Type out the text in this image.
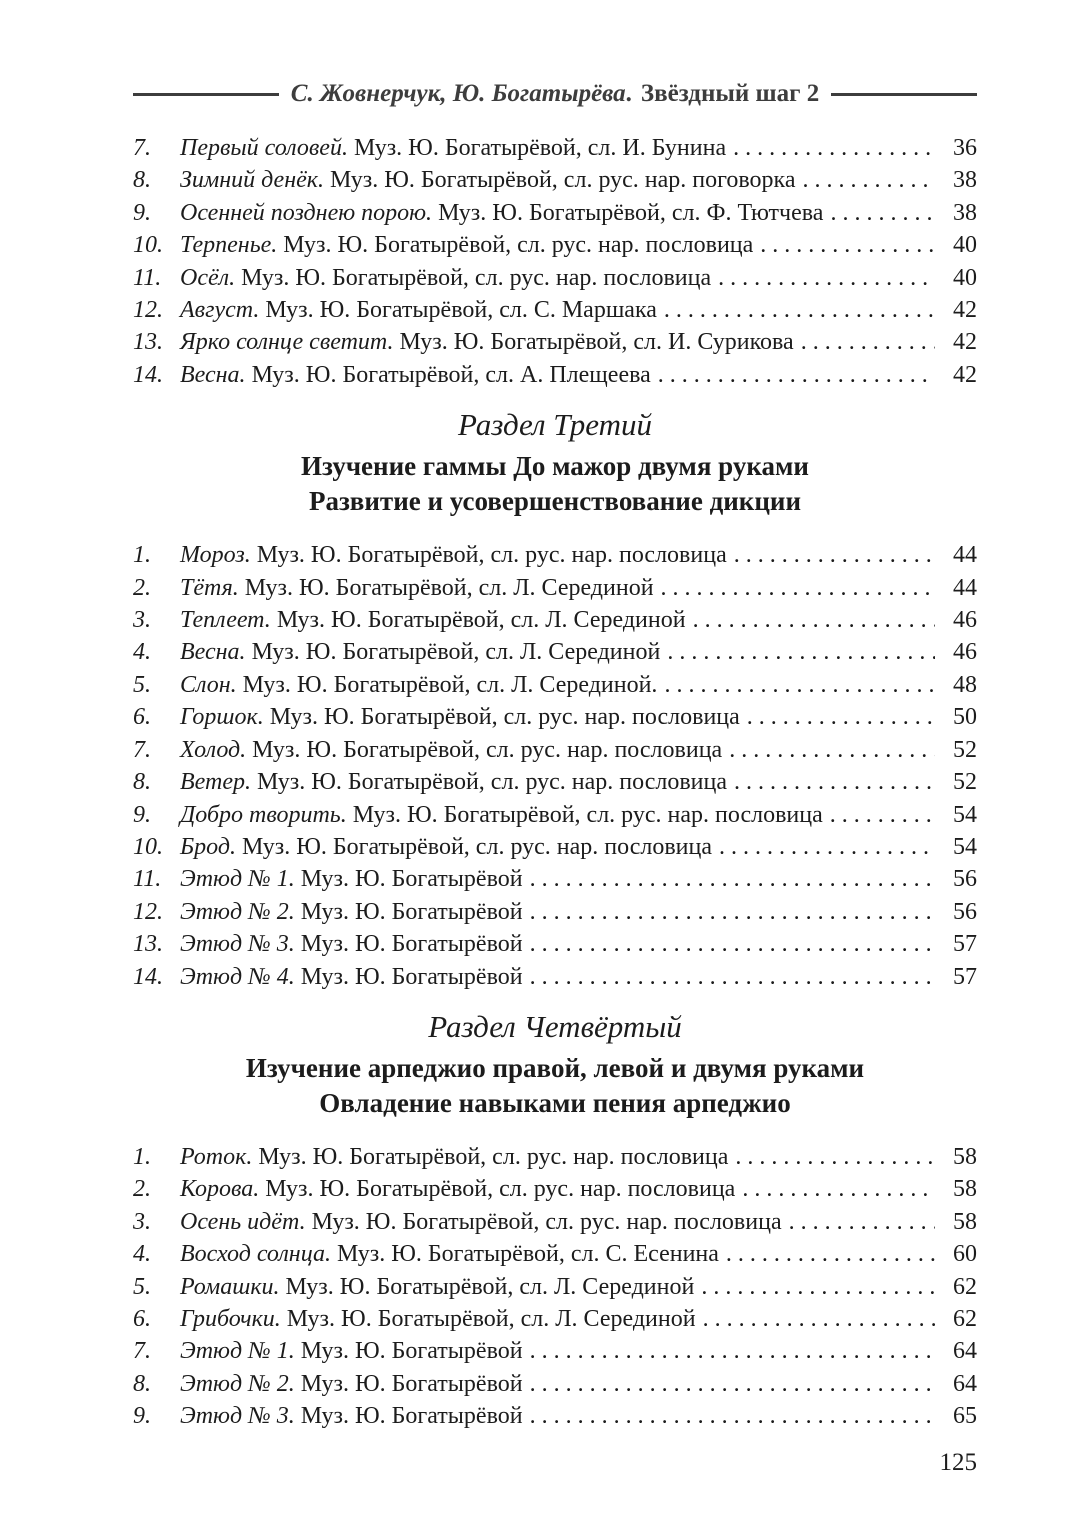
С. Жовнерчук, Ю. Богатырёва. Звёздный шаг 2
7.	Первый соловей. Муз. Ю. Богатырёвой, сл. И. Бунина . . .	36
8.	Зимний денёк. Муз. Ю. Богатырёвой, сл. рус. нар. поговорка . . .	38
9.	Осенней позднею порою. Муз. Ю. Богатырёвой, сл. Ф. Тютчева . . .	38
10. Терпенье. Муз. Ю. Богатырёвой, сл. рус. нар. пословица . . .	40
11. Осёл. Муз. Ю. Богатырёвой, сл. рус. нар. пословица . . .	40
12. Август. Муз. Ю. Богатырёвой, сл. С. Маршака . . .	42
13. Ярко солнце светит. Муз. Ю. Богатырёвой, сл. И. Сурикова . . .	42
14. Весна. Муз. Ю. Богатырёвой, сл. А. Плещеева . . .	42
Раздел Третий
Изучение гаммы До мажор двумя руками
Развитие и усовершенствование дикции
1.	Мороз. Муз. Ю. Богатырёвой, сл. рус. нар. пословица . . .	44
2.	Тётя. Муз. Ю. Богатырёвой, сл. Л. Серединой . . .	44
3.	Теплеет. Муз. Ю. Богатырёвой, сл. Л. Серединой . . .	46
4.	Весна. Муз. Ю. Богатырёвой, сл. Л. Серединой . . .	46
5.	Слон. Муз. Ю. Богатырёвой, сл. Л. Серединой. . . .	48
6.	Горшок. Муз. Ю. Богатырёвой, сл. рус. нар. пословица . . .	50
7.	Холод. Муз. Ю. Богатырёвой, сл. рус. нар. пословица . . .	52
8.	Ветер. Муз. Ю. Богатырёвой, сл. рус. нар. пословица . . .	52
9.	Добро творить. Муз. Ю. Богатырёвой, сл. рус. нар. пословица . . .	54
10. Брод. Муз. Ю. Богатырёвой, сл. рус. нар. пословица . . .	54
11. Этюд № 1. Муз. Ю. Богатырёвой . . .	56
12. Этюд № 2. Муз. Ю. Богатырёвой . . .	56
13. Этюд № 3. Муз. Ю. Богатырёвой . . .	57
14. Этюд № 4. Муз. Ю. Богатырёвой . . .	57
Раздел Четвёртый
Изучение арпеджио правой, левой и двумя руками
Овладение навыками пения арпеджио
1.	Роток. Муз. Ю. Богатырёвой, сл. рус. нар. пословица . . .	58
2.	Корова. Муз. Ю. Богатырёвой, сл. рус. нар. пословица . . .	58
3.	Осень идёт. Муз. Ю. Богатырёвой, сл. рус. нар. пословица . . .	58
4.	Восход солнца. Муз. Ю. Богатырёвой, сл. С. Есенина . . .	60
5.	Ромашки. Муз. Ю. Богатырёвой, сл. Л. Серединой . . .	62
6.	Грибочки. Муз. Ю. Богатырёвой, сл. Л. Серединой . . .	62
7.	Этюд № 1. Муз. Ю. Богатырёвой . . .	64
8.	Этюд № 2. Муз. Ю. Богатырёвой . . .	64
9.	Этюд № 3. Муз. Ю. Богатырёвой . . .	65
125
